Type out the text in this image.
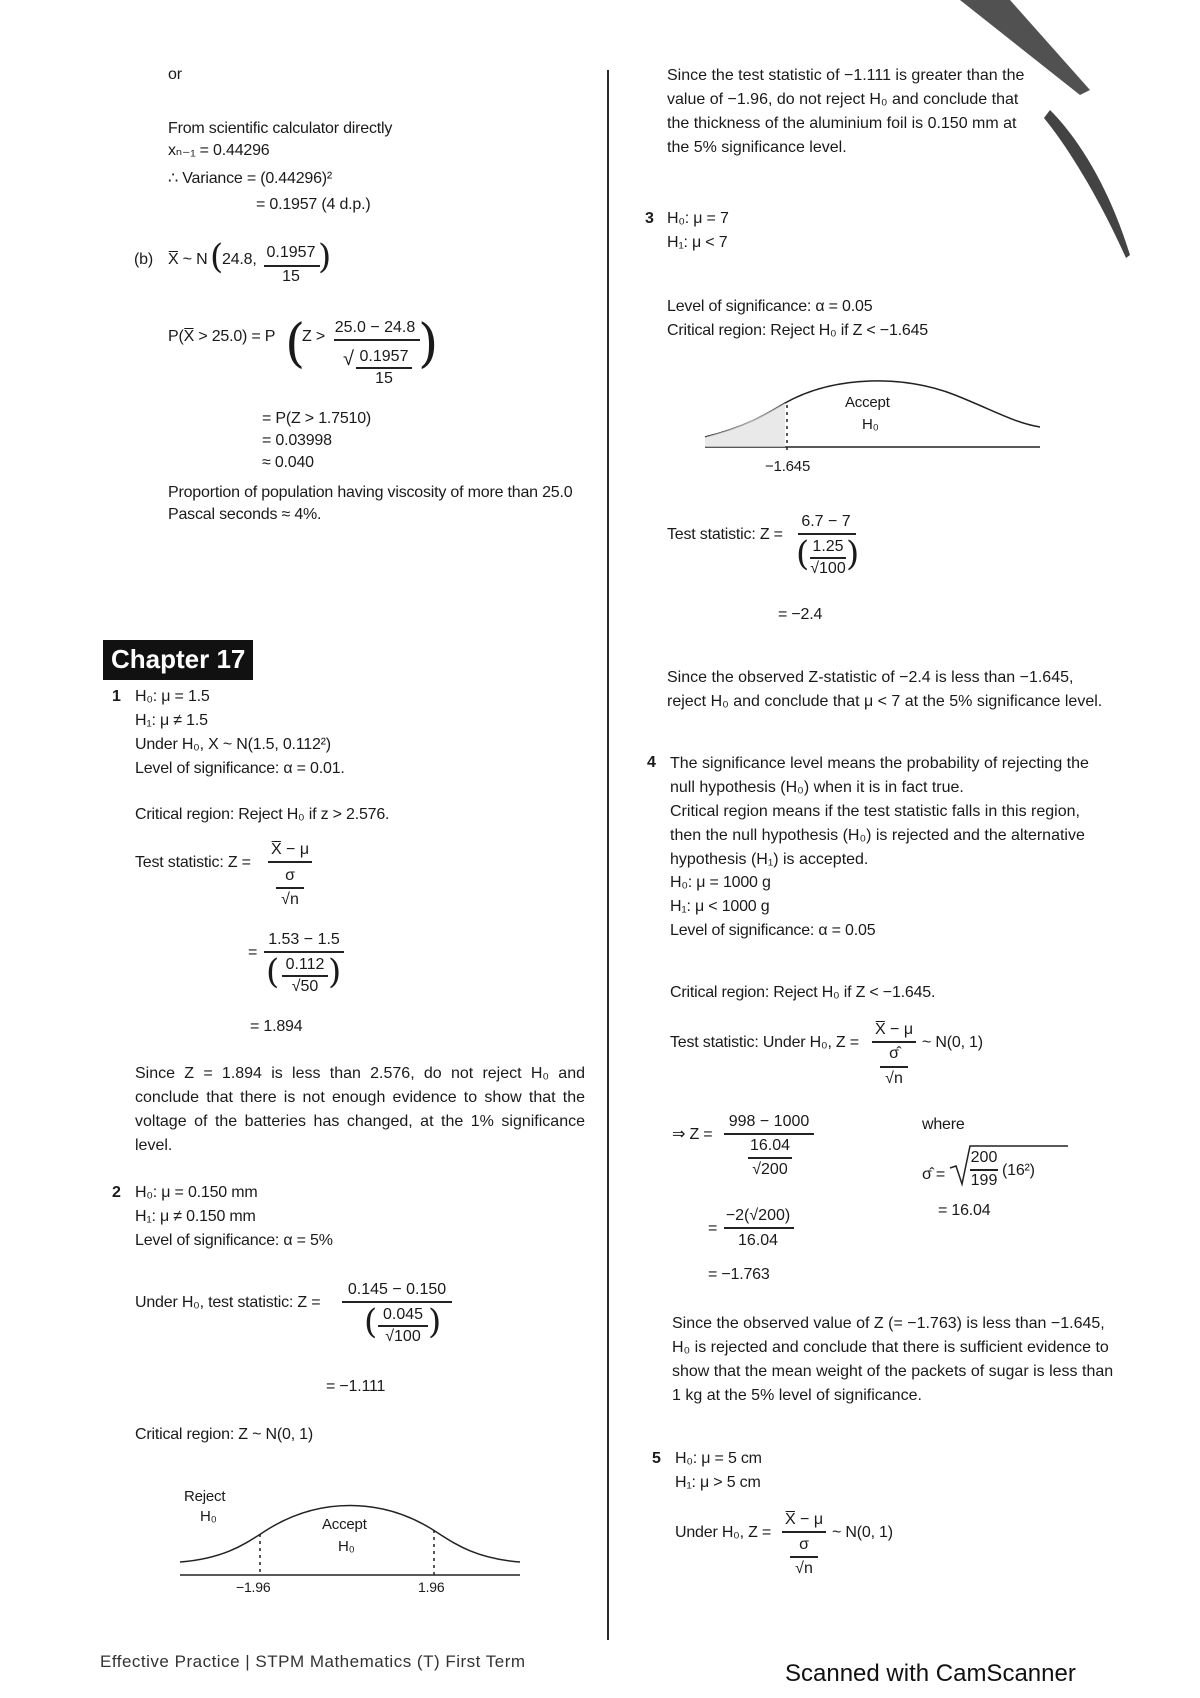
or
From scientific calculator directly
xₙ₋₁ = 0.44296
∴ Variance = (0.44296)²
= 0.1957 (4 d.p.)
(b) X̅ ~ N (
24.8, 0.1957
15 )
P(X̅ > 25.0) = P (
Z >
25.0 − 24.8
√ 0.1957
15
)
= P(Z > 1.7510)
= 0.03998
≈ 0.040
Proportion of population having viscosity of more than 25.0
Pascal seconds ≈ 4%.
Chapter 17
1 H₀: μ = 1.5
H₁: μ ≠ 1.5
Under H₀, X ~ N(1.5, 0.112²)
Level of significance: α = 0.01.
Critical region: Reject H₀ if z > 2.576.
Test statistic: Z =
X̅ − μ
σ
√n
=
1.53 − 1.5
( 0.112
√50 )
= 1.894
Since Z = 1.894 is less than 2.576, do not reject H₀ and conclude that there is not enough evidence to show that the voltage of the batteries has changed, at the 1% significance level.
2 H₀: μ = 0.150 mm
H₁: μ ≠ 0.150 mm
Level of significance: α = 5%
Under H₀, test statistic: Z =
0.145 − 0.150
( 0.045
√100 )
= −1.111
Critical region: Z ~ N(0, 1)
Reject
H₀	Accept
H₀
−1.96	1.96
Effective Practice | STPM Mathematics (T) First Term
Since the test statistic of −1.111 is greater than the value of −1.96, do not reject H₀ and conclude that the thickness of the aluminium foil is 0.150 mm at the 5% significance level.
3 H₀: μ = 7
H₁: μ < 7
Level of significance: α = 0.05
Critical region: Reject H₀ if Z < −1.645
Accept
H₀
−1.645
Test statistic: Z =
6.7 − 7
( 1.25
√100 )
= −2.4
Since the observed Z-statistic of −2.4 is less than −1.645, reject H₀ and conclude that μ < 7 at the 5% significance level.
4 The significance level means the probability of rejecting the null hypothesis (H₀) when it is in fact true.
Critical region means if the test statistic falls in this region, then the null hypothesis (H₀) is rejected and the alternative hypothesis (H₁) is accepted.
H₀: μ = 1000 g
H₁: μ < 1000 g
Level of significance: α = 0.05
Critical region: Reject H₀ if Z < −1.645.
Test statistic: Under H₀, Z =
X̅ − μ
σ̂
√n
~ N(0, 1)
⇒ Z =
998 − 1000
16.04
√200
=
−2(√200)
16.04
= −1.763
where
σ̂ =
200
199
(16²)
= 16.04
Since the observed value of Z (= −1.763) is less than −1.645, H₀ is rejected and conclude that there is sufficient evidence to show that the mean weight of the packets of sugar is less than 1 kg at the 5% level of significance.
5 H₀: μ = 5 cm
H₁: μ > 5 cm
Under H₀, Z =
X̅ − μ
σ
√n
~ N(0, 1)
Scanned with CamScanner
